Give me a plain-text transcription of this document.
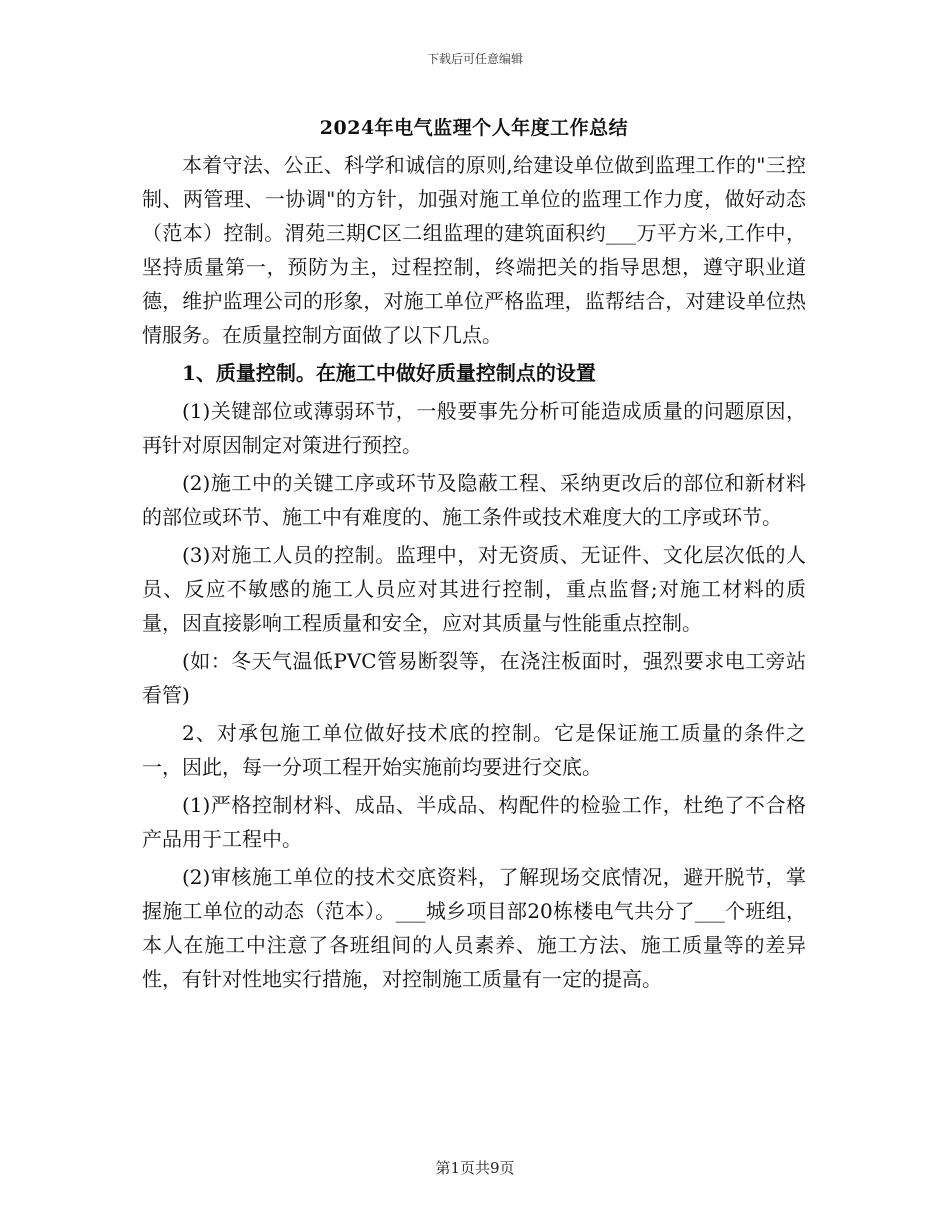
下载后可任意编辑
2024年电气监理个人年度工作总结

本着守法、公正、科学和诚信的原则,给建设单位做到监理工作的"三控制、两管理、一协调"的方针，加强对施工单位的监理工作力度，做好动态（范本）控制。渭苑三期C区二组监理的建筑面积约___万平方米,工作中，坚持质量第一，预防为主，过程控制，终端把关的指导思想，遵守职业道德，维护监理公司的形象，对施工单位严格监理，监帮结合，对建设单位热情服务。在质量控制方面做了以下几点。

1、质量控制。在施工中做好质量控制点的设置

(1)关键部位或薄弱环节，一般要事先分析可能造成质量的问题原因，再针对原因制定对策进行预控。

(2)施工中的关键工序或环节及隐蔽工程、采纳更改后的部位和新材料的部位或环节、施工中有难度的、施工条件或技术难度大的工序或环节。

(3)对施工人员的控制。监理中，对无资质、无证件、文化层次低的人员、反应不敏感的施工人员应对其进行控制，重点监督;对施工材料的质量，因直接影响工程质量和安全，应对其质量与性能重点控制。

(如：冬天气温低PVC管易断裂等，在浇注板面时，强烈要求电工旁站看管)

2、对承包施工单位做好技术底的控制。它是保证施工质量的条件之一，因此，每一分项工程开始实施前均要进行交底。

(1)严格控制材料、成品、半成品、构配件的检验工作，杜绝了不合格产品用于工程中。

(2)审核施工单位的技术交底资料，了解现场交底情况，避开脱节，掌握施工单位的动态（范本）。___城乡项目部20栋楼电气共分了___个班组，本人在施工中注意了各班组间的人员素养、施工方法、施工质量等的差异性，有针对性地实行措施，对控制施工质量有一定的提高。

第1页共9页
